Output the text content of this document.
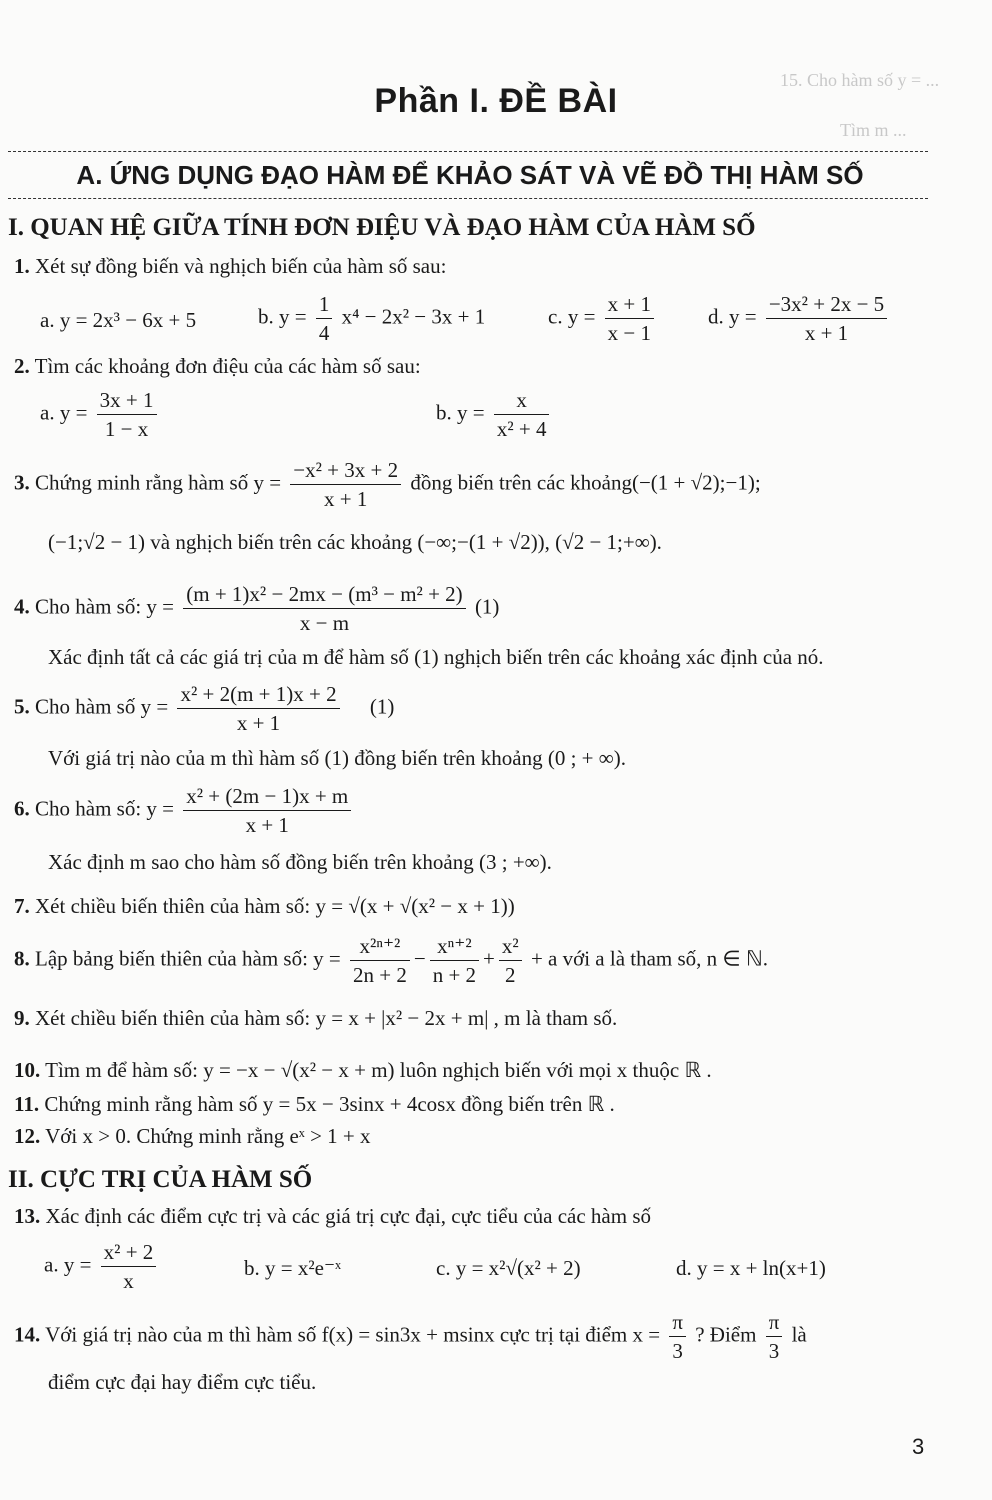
15. Cho hàm số y = ...
Tìm m ...
Phần I. ĐỀ BÀI
A. ỨNG DỤNG ĐẠO HÀM ĐỂ KHẢO SÁT VÀ VẼ ĐỒ THỊ HÀM SỐ
I. QUAN HỆ GIỮA TÍNH ĐƠN ĐIỆU VÀ ĐẠO HÀM CỦA HÀM SỐ
1. Xét sự đồng biến và nghịch biến của hàm số sau:
a. y = 2x³ − 6x + 5	b. $y = \frac{1}{4} x^4 - 2x^2 - 3x + 1$	c. $y = \frac{x + 1}{x - 1}$	d. $y = \frac{\text{−3x² + 2x − 5}}{x + 1}$
2. Tìm các khoảng đơn điệu của các hàm số sau:
a. $y = \frac{3x + 1}{1 - x}$	b. $y = \frac{x}{\text{x² + 4}}$
3. Chứng minh rằng hàm số $y = \frac{\text{−x² + 3x + 2}}{x + 1}$ đồng biến trên các khoảng(−(1 + √2);−1);
(−1;√2 − 1) và nghịch biến trên các khoảng (−∞;−(1 + √2)), (√2 − 1;+∞).
4. Cho hàm số: $y = \frac{\text{(m + 1)x² − 2mx − (m³ − m² + 2)}}{x - m} (1)$
Xác định tất cả các giá trị của m để hàm số (1) nghịch biến trên các khoảng xác định của nó.
5. Cho hàm số $y = \frac{\text{x² + 2(m + 1)x + 2}}{x + 1} (1)$
Với giá trị nào của m thì hàm số (1) đồng biến trên khoảng (0 ; + ∞).
6. Cho hàm số: $y = \frac{\text{x² + (2m − 1)x + m}}{x + 1}$
Xác định m sao cho hàm số đồng biến trên khoảng (3 ; +∞).
7. Xét chiều biến thiên của hàm số: y = √(x + √(x² − x + 1))
8. Lập bảng biến thiên của hàm số: $y = \frac{\text{x²ⁿ⁺²}}{2n + 2} - \frac{\text{xⁿ⁺²}}{n + 2} + \frac{\text{x²}}{2} + a$ với a là tham số, n ∈ ℕ.
9. Xét chiều biến thiên của hàm số: y = x + |x² − 2x + m| , m là tham số.
10. Tìm m để hàm số: y = −x − √(x² − x + m) luôn nghịch biến với mọi x thuộc ℝ .
11. Chứng minh rằng hàm số y = 5x − 3sinx + 4cosx đồng biến trên ℝ .
12. Với x > 0. Chứng minh rằng eˣ > 1 + x
II. CỰC TRỊ CỦA HÀM SỐ
13. Xác định các điểm cực trị và các giá trị cực đại, cực tiểu của các hàm số
a. $y = \frac{\text{x² + 2}}{x}$	b. y = x²e⁻ˣ	c. y = x²√(x² + 2)	d. y = x + ln(x+1)
14. Với giá trị nào của m thì hàm số f(x) = sin3x + msinx cực trị tại điểm $x = \frac{\pi}{3}$ ? Điểm $\frac{\pi}{3}$ là
điểm cực đại hay điểm cực tiểu.
3
